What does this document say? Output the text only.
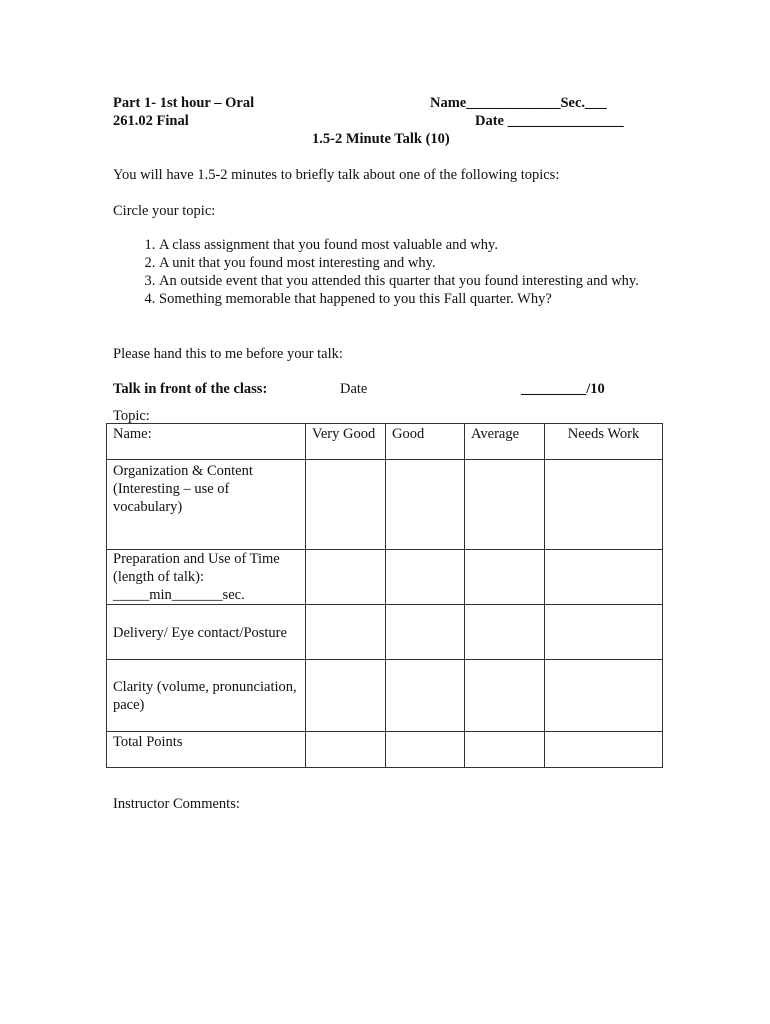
Part 1- 1st hour – Oral
261.02 Final
Name_____________Sec.___
Date ________________
1.5-2 Minute Talk (10)
You will have 1.5-2 minutes to briefly talk about one of the following topics:
Circle your topic:
1. A class assignment that you found most valuable and why.
2. A unit that you found most interesting and why.
3. An outside event that you attended this quarter that you found interesting and why.
4. Something memorable that happened to you this Fall quarter. Why?
Please hand this to me before your talk:
Talk in front of the class:	Date	_________/10
Topic:
Name:	Very Good	Good	Average	Needs Work
Organization & Content (Interesting – use of vocabulary)				

Preparation and Use of Time (length of talk):
_____min_______sec.				

Delivery/ Eye contact/Posture				
Clarity (volume, pronunciation, pace)				
Total Points				
Instructor Comments:
